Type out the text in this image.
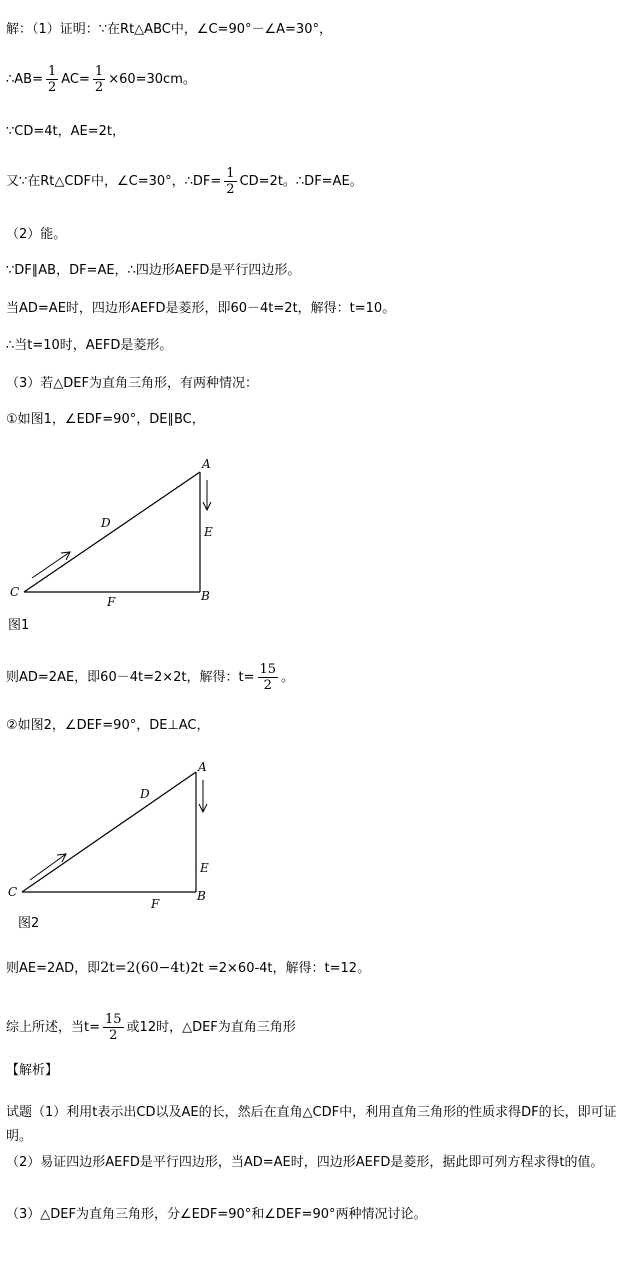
解：（1）证明：∵在Rt△ABC中，∠C=90°－∠A=30°，
∴AB= $\frac{1}{2} AC= \frac{1}{2} \times 60=30cm$。
∵CD=4t，AE=2t，
又∵在Rt△CDF中，∠C=30°，∴DF= $\frac{1}{2} CD=2t$。∴DF=AE。
（2）能。
∵DF∥AB，DF=AE，∴四边形AEFD是平行四边形。
当AD=AE时，四边形AEFD是菱形，即60－4t=2t，解得：t=10。
∴当t=10时，AEFD是菱形。
（3）若△DEF为直角三角形，有两种情况：
①如图1，∠EDF=90°，DE∥BC，
A
D
E
C
F	B
图1
则AD=2AE，即60－4t=2×2t，解得：$t= \frac{15}{2}$ 。
②如图2，∠DEF=90°，DE⊥AC，
A
D
E
C
F
B
图2
则AE=2AD，即2t=2(60−4t)2t =2×60-4t，解得：t=12。
综上所述，当$t= \frac{15}{2}$ 或12时，△DEF为直角三角形
【解析】
试题（1）利用t表示出CD以及AE的长，然后在直角△CDF中，利用直角三角形的性质求得DF的长，即可证明。
（2）易证四边形AEFD是平行四边形，当AD=AE时，四边形AEFD是菱形，据此即可列方程求得t的值。
（3）△DEF为直角三角形，分∠EDF=90°和∠DEF=90°两种情况讨论。
